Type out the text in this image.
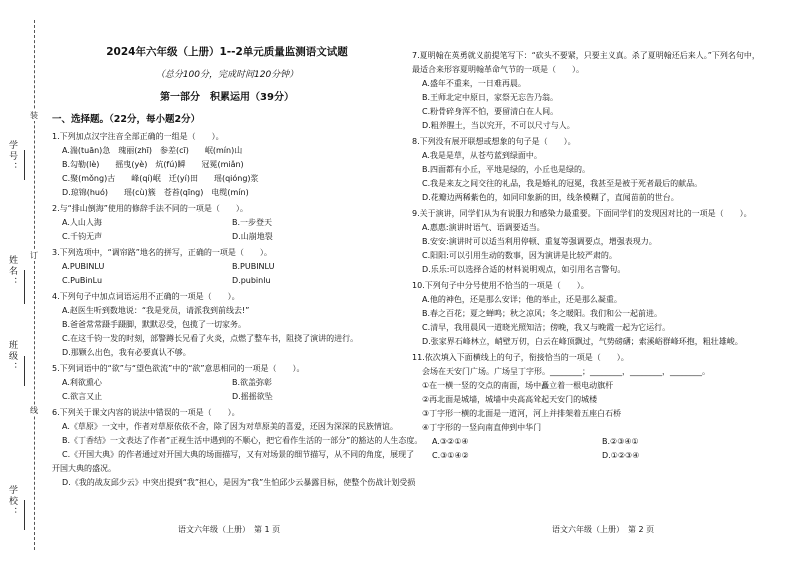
学号：
姓名：
班级：
学校：
装
订
线

2024年六年级（上册）1--2单元质量监测语文试题

（总分100分，完成时间120分钟）

第一部分　积累运用（39分）

一、选择题。（22分，每小题2分）

1.下列加点汉字注音全部正确的一组是（　　）。

A.湍(tuān)急　瑰丽(zhī)　参差(cī)　　岷(mín)山

B.勾勒(lè)　　摇曳(yè)　炕(fú)瞬　　冠冕(miǎn)

C.聚(mǒng)古　　峰(qí)岷　迁(yí)田　　瑶(qióng)浆

D.琼锦(huó)　　瑶(cù)簇　苍苔(qīng)　电缆(mín)

2.与“排山倒海”使用的修辞手法不同的一项是（　　）。

A.人山人海	B.一步登天
C.千钧无声	D.山崩地裂

3.下列选项中，“调帘路”地名的拼写，正确的一项是（　　）。

A.PUBINLU	B.PUBINLU
C.PuBinLu	D.pubinlu

4.下列句子中加点词语运用不正确的一项是（　　）。

A.赵医生听到数地说：“我是党员，请派我到前线去!”

B.爸爸常常蹑手蹑脚，默默忍受，包揽了一切家务。

C.在这千钧一发的时刻，部警蹲长兄看了火炎，点燃了整车书，阻挠了演讲的进行。

D.那颗么出色，我有必要真认不够。

5.下列词语中的“欲”与“望色欲流”中的“欲”意思相同的一项是（　　）。

A.利欲熏心	B.欲盖弥彰
C.欲言又止	D.摇摇欲坠

6.下列关于课文内容的说法中错误的一项是（　　）。

A.《草原》一文中，作者对草原依依不舍，除了因为对草原美的喜爱，还因为深深的民族情谊。

B.《丁香结》一文表达了作者“正视生活中遇到的不顺心，把它看作生活的一部分”的豁达的人生态度。

C.《开国大典》的作者通过对开国大典的场面描写，又有对场景的细节描写，从不同的角度，展现了

开国大典的盛况。

D.《我的战友邱少云》中突出提到“我”担心，是因为“我”生怕邱少云暴露目标，使整个伤战计划受损

7.夏明翰在英勇就义前提笔写下：“砍头不要紧，只要主义真。杀了夏明翰还后来人。”下列名句中，

最适合来形容夏明翰革命气节的一项是（　　）。

A.盛年不重来，一日难再晨。

B.王师北定中原日，家祭无忘告乃翁。

C.粉骨碎身浑不怕，要留清白在人间。

D.粗养腥土，当以究开，不可以尺寸与人。

8.下列没有展开联想或想象的句子是（　　）。

A.我是是草，从苍芍蓝到绿面中。

B.四面都有小丘，平地是绿的，小丘也是绿的。

C.我是来友之间交往的礼品，我是婚礼的冠冕，我甚至是被于死者最后的献品。

D.花瓣边两稀紫色的，如同印象新的田，线条模糊了，直闻苗前的世台。

9.关于演讲，同学们从为有说服力和感染力最重要。下面同学们的发现因对比的一项是（　　）。

A.惠惠:演讲时语气、语调要适当。

B.安安:演讲时可以适当利用停顿、重复等强调要点，增强表现力。

C.阳阳:可以引用生动的数事，因为演讲是比较严肃的。

D.乐乐:可以选择合适的材料说明观点，如引用名言警句。

10.下列句子中分号使用不恰当的一项是（　　）。

A.他的神色，还是那么安详；他的举止，还是那么凝重。

B.春之百花；夏之蝉鸣；秋之凉风；冬之暖阳。我们和公一起前进。

C.清早，我用晨风一道晓光照知洁；傍晚，我又与晚霞一起为它运行。

D.张家界石峰林立，峭壁万仞，白云在峰顶飘过，气势磅礴；索溪峪群峰环抱，粗壮雄峻。

11.依次填入下面横线上的句子，衔接恰当的一项是（　　）。

会场在天安门广场。广场呈丁字形。________；________，________，________。

①在一横一竖的交点的南面，场中矗立着一根电动旗杆

②再北面是城墙，城墙中央高高耸起天安门的城楼

③丁字形一横的北面是一道河，河上并排架着五座白石桥

④丁字形的一竖向南直伸到中华门

A.③②①④	B.②③④①
C.③①④②	D.①②③④
语文六年级（上册）　第 1 页	语文六年级（上册）　第 2 页
